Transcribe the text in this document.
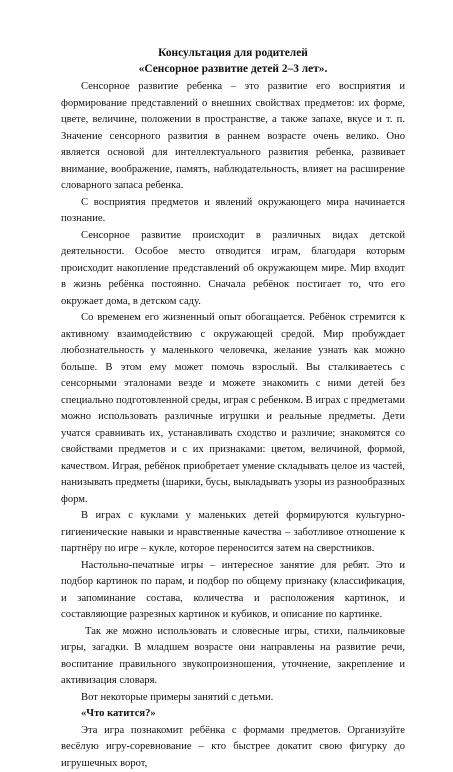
Консультация для родителей

«Сенсорное развитие детей 2–3 лет».

Сенсорное развитие ребенка – это развитие его восприятия и формирование представлений о внешних свойствах предметов: их форме, цвете, величине, положении в пространстве, а также запахе, вкусе и т. п. Значение сенсорного развития в раннем возрасте очень велико. Оно является основой для интеллектуального развития ребенка, развивает внимание, воображение, память, наблюдательность, влияет на расширение словарного запаса ребенка.

С восприятия предметов и явлений окружающего мира начинается познание.

Сенсорное развитие происходит в различных видах детской деятельности. Особое место отводится играм, благодаря которым происходит накопление представлений об окружающем мире. Мир входит в жизнь ребёнка постоянно. Сначала ребёнок постигает то, что его окружает дома, в детском саду.

Со временем его жизненный опыт обогащается. Ребёнок стремится к активному взаимодействию с окружающей средой. Мир пробуждает любознательность у маленького человечка, желание узнать как можно больше. В этом ему может помочь взрослый. Вы сталкиваетесь с сенсорными эталонами везде и можете знакомить с ними детей без специально подготовленной среды, играя с ребенком. В играх с предметами можно использовать различные игрушки и реальные предметы. Дети учатся сравнивать их, устанавливать сходство и различие; знакомятся со свойствами предметов и с их признаками: цветом, величиной, формой, качеством. Играя, ребёнок приобретает умение складывать целое из частей, нанизывать предметы (шарики, бусы, выкладывать узоры из разнообразных форм.

В играх с куклами у маленьких детей формируются культурно-гигиенические навыки и нравственные качества – заботливое отношение к партнёру по игре – кукле, которое переносится затем на сверстников.

Настольно-печатные игры – интересное занятие для ребят. Это и подбор картинок по парам, и подбор по общему признаку (классификация, и запоминание состава, количества и расположения картинок, и составляющие разрезных картинок и кубиков, и описание по картинке.

Так же можно использовать и словесные игры, стихи, пальчиковые игры, загадки. В младшем возрасте они направлены на развитие речи, воспитание правильного звукопроизношения, уточнение, закрепление и активизация словаря.

Вот некоторые примеры занятий с детьми.

«Что катится?»

Эта игра познакомит ребёнка с формами предметов. Организуйте весёлую игру-соревнование – кто быстрее докатит свою фигурку до игрушечных ворот,
